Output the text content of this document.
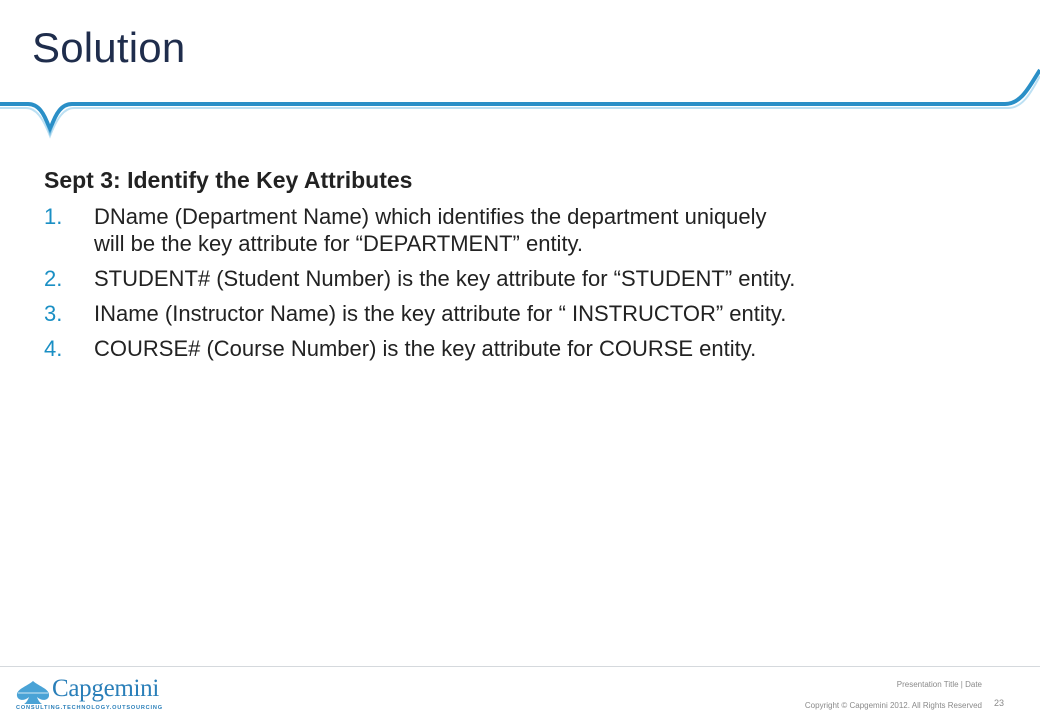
Solution

Sept 3: Identify the Key Attributes

1.	DName (Department Name) which identifies the department uniquely
will be the key attribute for “DEPARTMENT” entity.
2.	STUDENT# (Student Number) is the key attribute for “STUDENT” entity.
3.	IName (Instructor Name) is the key attribute for “ INSTRUCTOR” entity.
4.	COURSE# (Course Number) is the key attribute for COURSE entity.
Capgemini
CONSULTING.TECHNOLOGY.OUTSOURCING
Presentation Title | Date
Copyright © Capgemini 2012. All Rights Reserved 23
